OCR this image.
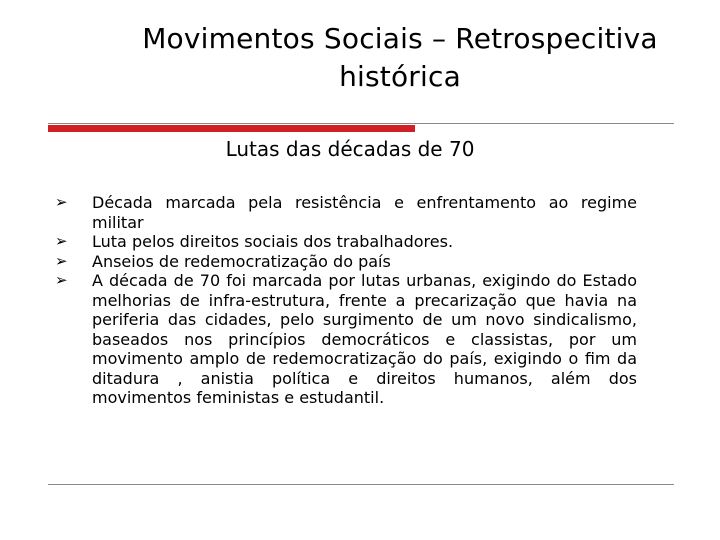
Movimentos Sociais – Retrospecitiva
histórica
Lutas das décadas de 70
➢ Década marcada pela resistência e enfrentamento ao regime militar
➢ Luta pelos direitos sociais dos trabalhadores.
➢ Anseios de redemocratização do país
➢ A década de 70 foi marcada por lutas urbanas, exigindo do Estado melhorias de infra-estrutura, frente a precarização que havia na periferia das cidades, pelo surgimento de um novo sindicalismo, baseados nos princípios democráticos e classistas, por um movimento amplo de redemocratização do país, exigindo o fim da ditadura , anistia política e direitos humanos, além dos movimentos feministas e estudantil.
